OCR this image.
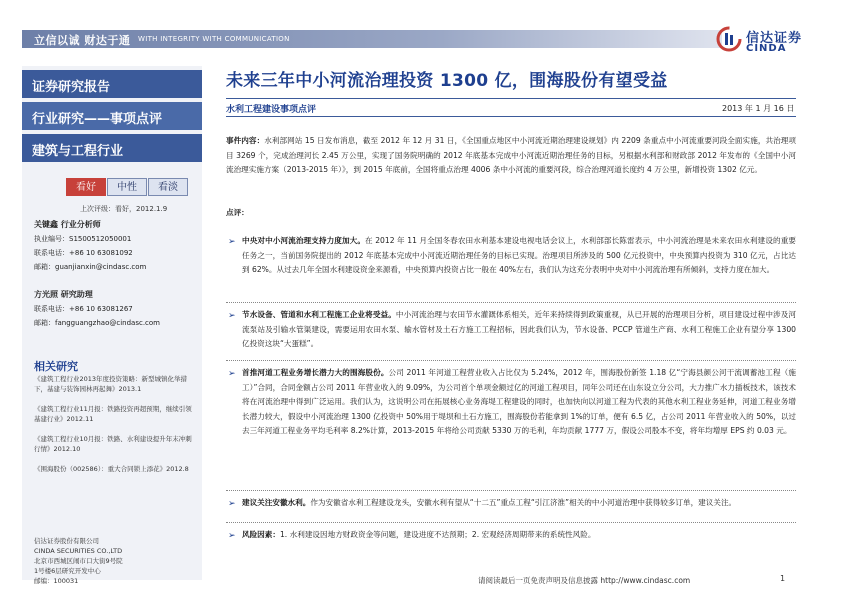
立信以诚 财达于通 WITH INTEGRITY WITH COMMUNICATION	信达证券
CINDA
证券研究报告
行业研究——事项点评
建筑与工程行业
看好	中性	看淡
上次评级：看好，2012.1.9
关键鑫 行业分析师
执业编号：S1500512050001
联系电话：+86 10 63081092
邮箱：guanjianxin@cindasc.com
方光照 研究助理
联系电话：+86 10 63081267
邮箱：fangguangzhao@cindasc.com
相关研究

《建筑工程行业2013年度投资策略：新型城镇化举措下，基建与装饰园林再起舞》2013.1

《建筑工程行业11月报：铁路投资再超预期，继续引领基建行业》2012.11

《建筑工程行业10月报：铁路、水利建设提升年末冲刺行情》2012.10

《围海股份（002586）：重大合同锁上添花》2012.8

信达证券股份有限公司
CINDA SECURITIES CO.,LTD
北京市西城区闹市口大街9号院
1号楼6层研究开发中心
邮编：100031
未来三年中小河流治理投资 1300 亿，围海股份有望受益
水利工程建设事项点评	2013 年 1 月 16 日
事件内容：水利部网站 15 日发布消息，截至 2012 年 12 月 31 日，《全国重点地区中小河流近期治理建设规划》内 2209 条重点中小河流重要河段全面实施，共治理项目 3269 个，完成治理河长 2.45 万公里，实现了国务院明确的 2012 年底基本完成中小河流近期治理任务的目标，另根据水利部和财政部 2012 年发布的《全国中小河流治理实施方案（2013-2015 年）》，到 2015 年底前，全国将重点治理 4006 条中小河流的重要河段，综合治理河道长度约 4 万公里，新增投资 1302 亿元。
点评：
➢ 中央对中小河流治理支持力度加大。在 2012 年 11 月全国冬春农田水利基本建设电视电话会议上，水利部部长陈雷表示，中小河流治理是未来农田水利建设的重要任务之一，当前国务院提出的 2012 年底基本完成中小河流近期治理任务的目标已实现。治理项目所涉及的 500 亿元投资中，中央预算内投资为 310 亿元，占比达到 62%。从过去几年全国水利建设资金来源看，中央预算内投资占比一般在 40%左右，我们认为这充分表明中央对中小河流治理有所倾斜，支持力度在加大。
➢ 节水设备、管道和水利工程施工企业将受益。中小河流治理与农田节水灌溉体系相关，近年来持续得到政策重视，从已开展的治理项目分析，项目建设过程中涉及河流泵站及引输水管渠建设，需要运用农田水泵、输水管材及土石方施工工程招标，因此我们认为，节水设备、PCCP 管道生产商、水利工程施工企业有望分享 1300 亿投资这块“大蛋糕”。
➢ 首推河道工程业务增长潜力大的围海股份。公司 2011 年河道工程营业收入占比仅为 5.24%，2012 年，围海股份新签 1.18 亿“宁海县颜公河干流调蓄池工程（施工）”合同，合同金额占公司 2011 年营业收入的 9.09%，为公司首个单项金额过亿的河道工程项目，同年公司还在山东设立分公司，大力推广水力插板技术，该技术将在河流治理中得到广泛运用。我们认为，这说明公司在拓展核心业务海堤工程建设的同时，也加快向以河道工程为代表的其他水利工程业务延伸，河道工程业务增长潜力较大，假设中小河流治理 1300 亿投资中 50%用于堤坝和土石方施工，围海股份若能拿到 1%的订单，便有 6.5 亿，占公司 2011 年营业收入的 50%，以过去三年河道工程业务平均毛利率 8.2%计算，2013-2015 年将给公司贡献 5330 万的毛利，年均贡献 1777 万，假设公司股本不变，将年均增厚 EPS 约 0.03 元。
➢ 建议关注安徽水利。作为安徽省水利工程建设龙头，安徽水利有望从“十二五”重点工程“引江济淮”相关的中小河道治理中获得较多订单，建议关注。
➢ 风险因素：1. 水利建设因地方财政资金等问题，建设进度不达预期；2. 宏观经济周期带来的系统性风险。
请阅读最后一页免责声明及信息披露 http://www.cindasc.com	1
